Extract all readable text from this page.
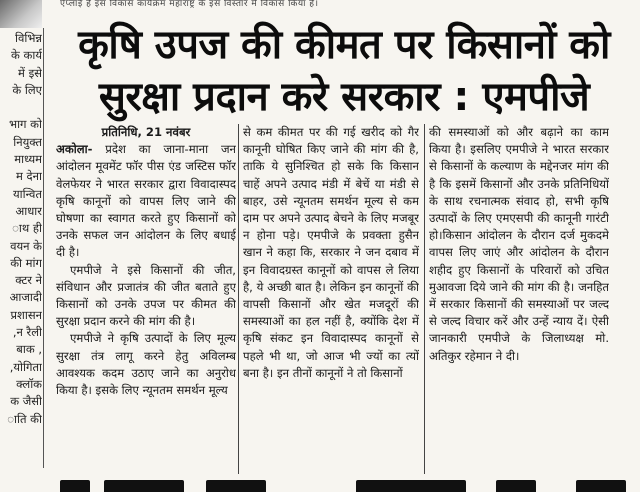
ऐप्लाई है इस विकास कार्यक्रम महाराष्ट्र के इस विस्तार में विकास किया है।
विभिन्न
के कार्य
में इसे
के लिए

भाग को
नियुक्त
माध्यम
म देना
यान्वित
आधार
ाथ ही
वयन के
की मांग
क्टर ने
आजादी
प्रशासन
न रैली,
, बाक
योगिता,
क्लॉक
क जैसी
ाति की
कृषि उपज की कीमत पर किसानों को
सुरक्षा प्रदान करे सरकार : एमपीजे

प्रतिनिधि, 21 नवंबर

अकोला- प्रदेश का जाना-माना जन आंदोलन मूवमेंट फॉर पीस एंड जस्टिस फॉर वेलफेयर ने भारत सरकार द्वारा विवादास्पद कृषि कानूनों को वापस लिए जाने की घोषणा का स्वागत करते हुए किसानों को उनके सफल जन आंदोलन के लिए बधाई दी है।

एमपीजे ने इसे किसानों की जीत, संविधान और प्रजातंत्र की जीत बताते हुए किसानों को उनके उपज पर कीमत की सुरक्षा प्रदान करने की मांग की है।

एमपीजे ने कृषि उत्पादों के लिए मूल्य सुरक्षा तंत्र लागू करने हेतु अविलम्ब आवश्यक कदम उठाए जाने का अनुरोध किया है। इसके लिए न्यूनतम समर्थन मूल्य

से कम कीमत पर की गई खरीद को गैर कानूनी घोषित किए जाने की मांग की है, ताकि ये सुनिश्चित हो सके कि किसान चाहें अपने उत्पाद मंडी में बेचें या मंडी से बाहर, उसे न्यूनतम समर्थन मूल्य से कम दाम पर अपने उत्पाद बेचने के लिए मजबूर न होना पड़े। एमपीजे के प्रवक्ता हुसैन खान ने कहा कि, सरकार ने जन दबाव में इन विवादग्रस्त कानूनों को वापस ले लिया है, ये अच्छी बात है। लेकिन इन कानूनों की वापसी किसानों और खेत मजदूरों की समस्याओं का हल नहीं है, क्योंकि देश में कृषि संकट इन विवादास्पद कानूनों से पहले भी था, जो आज भी ज्यों का त्यों बना है। इन तीनों कानूनों ने तो किसानों

की समस्याओं को और बढ़ाने का काम किया है। इसलिए एमपीजे ने भारत सरकार से किसानों के कल्याण के मद्देनजर मांग की है कि इसमें किसानों और उनके प्रतिनिधियों के साथ रचनात्मक संवाद हो, सभी कृषि उत्पादों के लिए एमएसपी की कानूनी गारंटी हो।किसान आंदोलन के दौरान दर्ज मुकदमे वापस लिए जाएं और आंदोलन के दौरान शहीद हुए किसानों के परिवारों को उचित मुआवजा दिये जाने की मांग की है। जनहित में सरकार किसानों की समस्याओं पर जल्द से जल्द विचार करें और उन्हें न्याय दें। ऐसी जानकारी एमपीजे के जिलाध्यक्ष मो. अतिकुर रहेमान ने दी।
